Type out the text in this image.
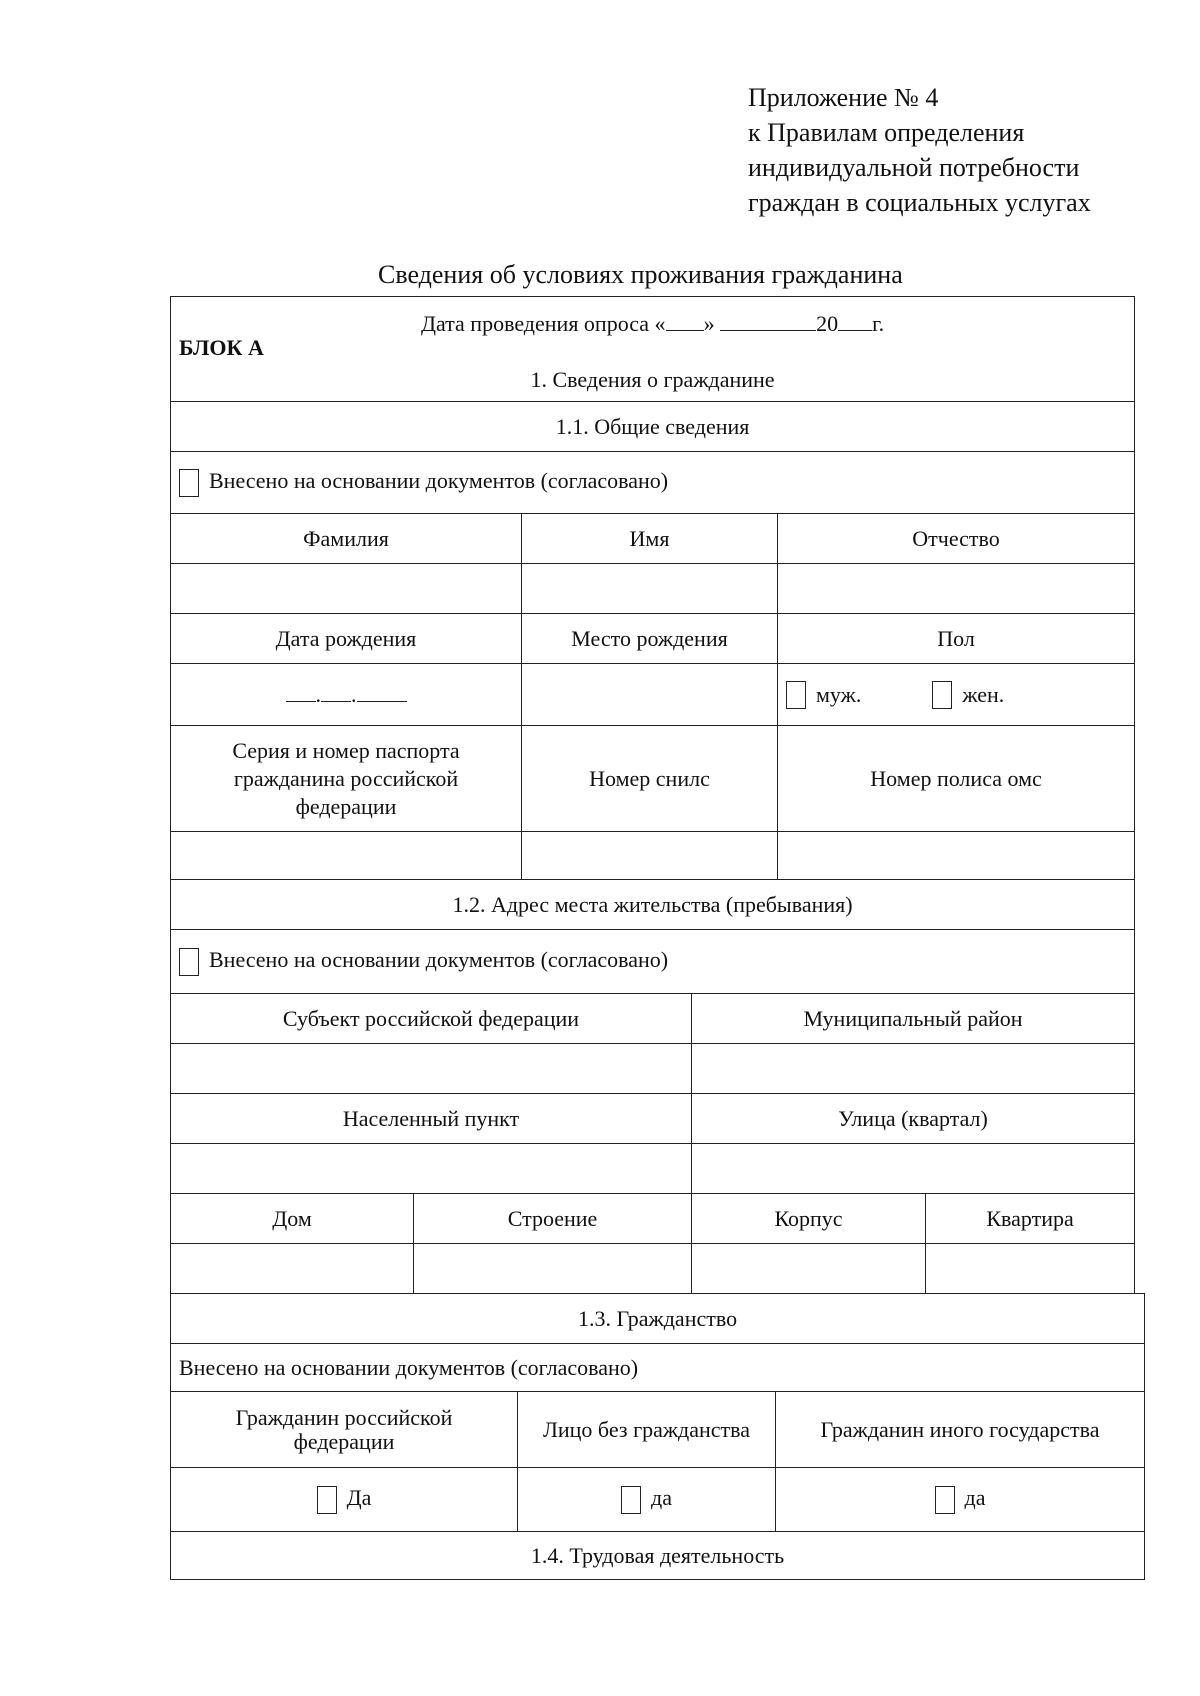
Приложение № 4
к Правилам определения
индивидуальной потребности
граждан в социальных услугах
Сведения об условиях проживания гражданина
Дата проведения опроса « » 20 г.
БЛОК А
1. Сведения о гражданине					

1.1. Общие сведения					
Внесено на основании документов (согласовано)					
Фамилия		Имя		Отчество	

Дата рождения		Место рождения		Пол	
. .				муж. жен.	
Серия и номер паспорта гражданина российской федерации		Номер снилс		Номер полиса омс	

1.2. Адрес места жительства (пребывания)					
Внесено на основании документов (согласовано)					
Субъект российской федерации			Муниципальный район		

Населенный пункт			Улица (квартал)		

Дом	Строение		Корпус		Квартира

1.3. Гражданство		
Внесено на основании документов (согласовано)		
Гражданин российской федерации	Лицо без гражданства	Гражданин иного государства
Да	да	да
1.4. Трудовая деятельность		
